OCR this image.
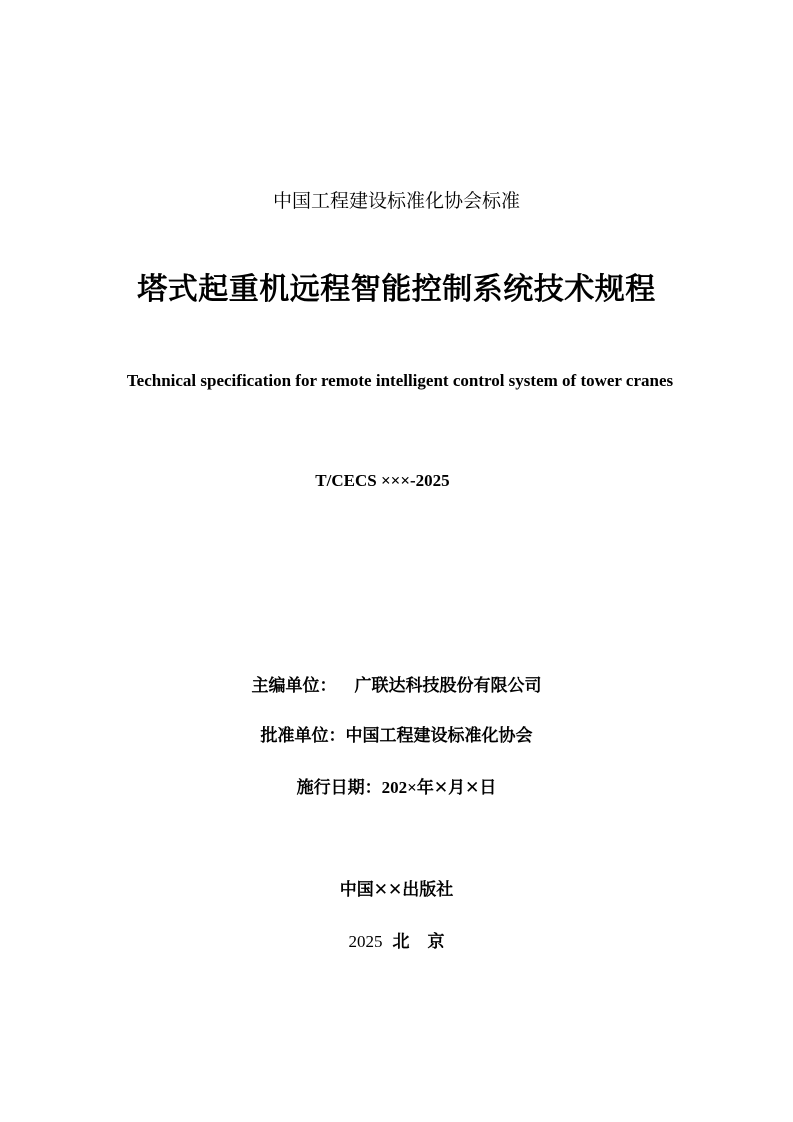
中国工程建设标准化协会标准
塔式起重机远程智能控制系统技术规程
Technical specification for remote intelligent control system of tower cranes
T/CECS ×××-2025
主编单位： 广联达科技股份有限公司
批准单位：中国工程建设标准化协会
施行日期：202×年✕月✕日
中国✕✕出版社
2025 北 京
